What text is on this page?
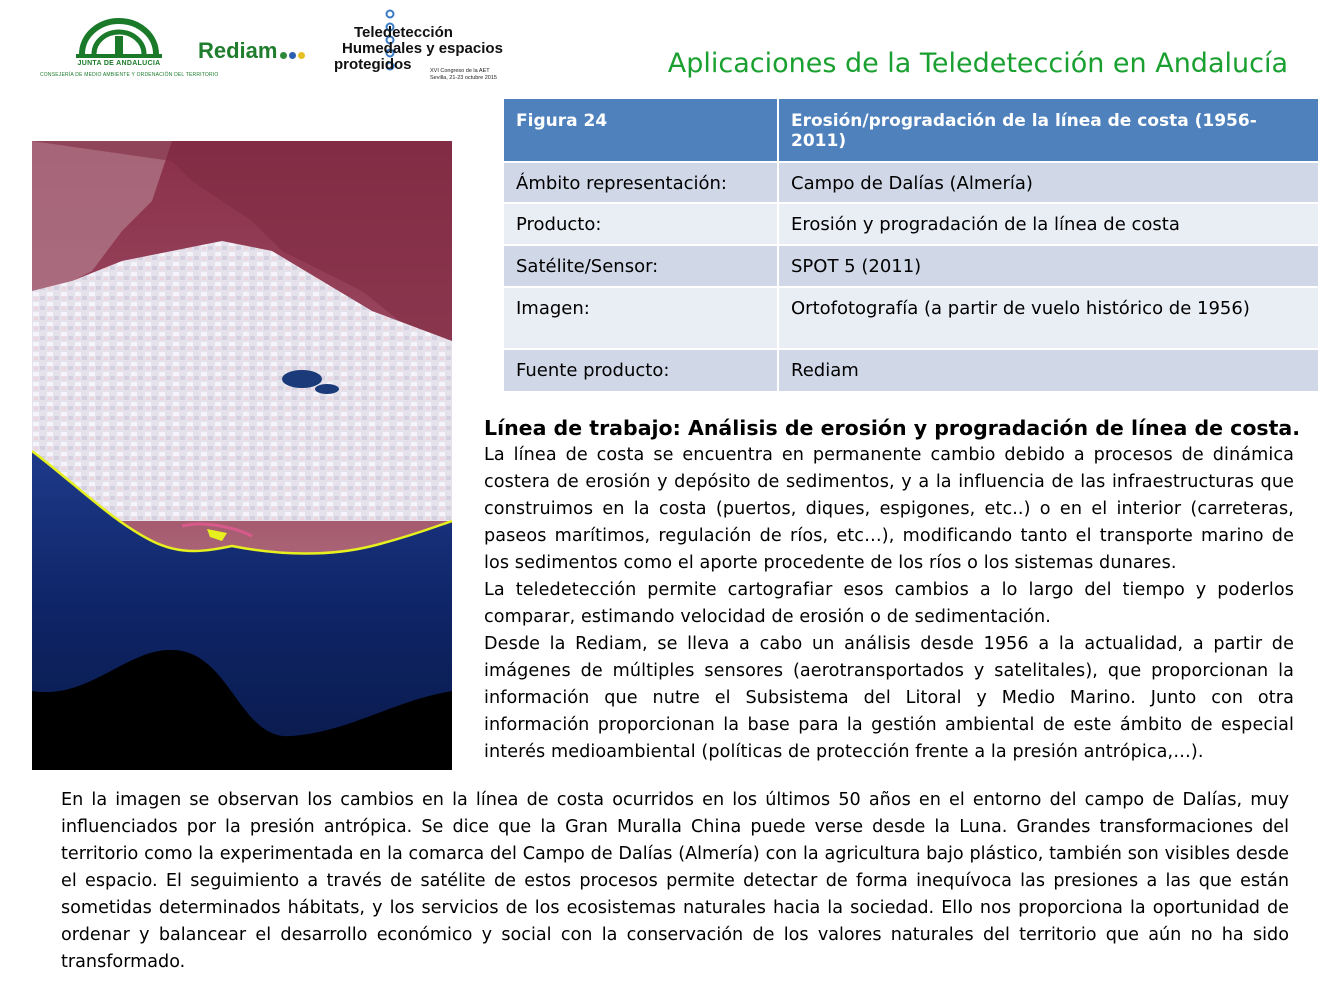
JUNTA DE ANDALUCIA
CONSEJERÍA DE MEDIO AMBIENTE Y ORDENACIÓN DEL TERRITORIO
Rediam
Teledetección
Humedales y espacios
protegidos	XVI Congreso de la AET
Sevilla, 21-23 octubre 2015	Aplicaciones de la Teledetección en Andalucía
Figura 24	Erosión/progradación de la línea de costa (1956-2011)
Ámbito representación:	Campo de Dalías (Almería)
Producto:	Erosión y progradación de la línea de costa
Satélite/Sensor:	SPOT 5 (2011)
Imagen:	Ortofotografía (a partir de vuelo histórico de 1956)
Fuente producto:	Rediam

Línea de trabajo: Análisis de erosión y progradación de línea de costa.

La línea de costa se encuentra en permanente cambio debido a procesos de dinámica costera de erosión y depósito de sedimentos, y a la influencia de las infraestructuras que construimos en la costa (puertos, diques, espigones, etc..) o en el interior (carreteras, paseos marítimos, regulación de ríos, etc…), modificando tanto el transporte marino de los sedimentos como el aporte procedente de los ríos o los sistemas dunares.

La teledetección permite cartografiar esos cambios a lo largo del tiempo y poderlos comparar, estimando velocidad de erosión o de sedimentación.

Desde la Rediam, se lleva a cabo un análisis desde 1956 a la actualidad, a partir de imágenes de múltiples sensores (aerotransportados y satelitales), que proporcionan la información que nutre el Subsistema del Litoral y Medio Marino. Junto con otra información proporcionan la base para la gestión ambiental de este ámbito de especial interés medioambiental (políticas de protección frente a la presión antrópica,…).

En la imagen se observan los cambios en la línea de costa ocurridos en los últimos 50 años en el entorno del campo de Dalías, muy influenciados por la presión antrópica. Se dice que la Gran Muralla China puede verse desde la Luna. Grandes transformaciones del territorio como la experimentada en la comarca del Campo de Dalías (Almería) con la agricultura bajo plástico, también son visibles desde el espacio. El seguimiento a través de satélite de estos procesos permite detectar de forma inequívoca las presiones a las que están sometidas determinados hábitats, y los servicios de los ecosistemas naturales hacia la sociedad. Ello nos proporciona la oportunidad de ordenar y balancear el desarrollo económico y social con la conservación de los valores naturales del territorio que aún no ha sido transformado.
